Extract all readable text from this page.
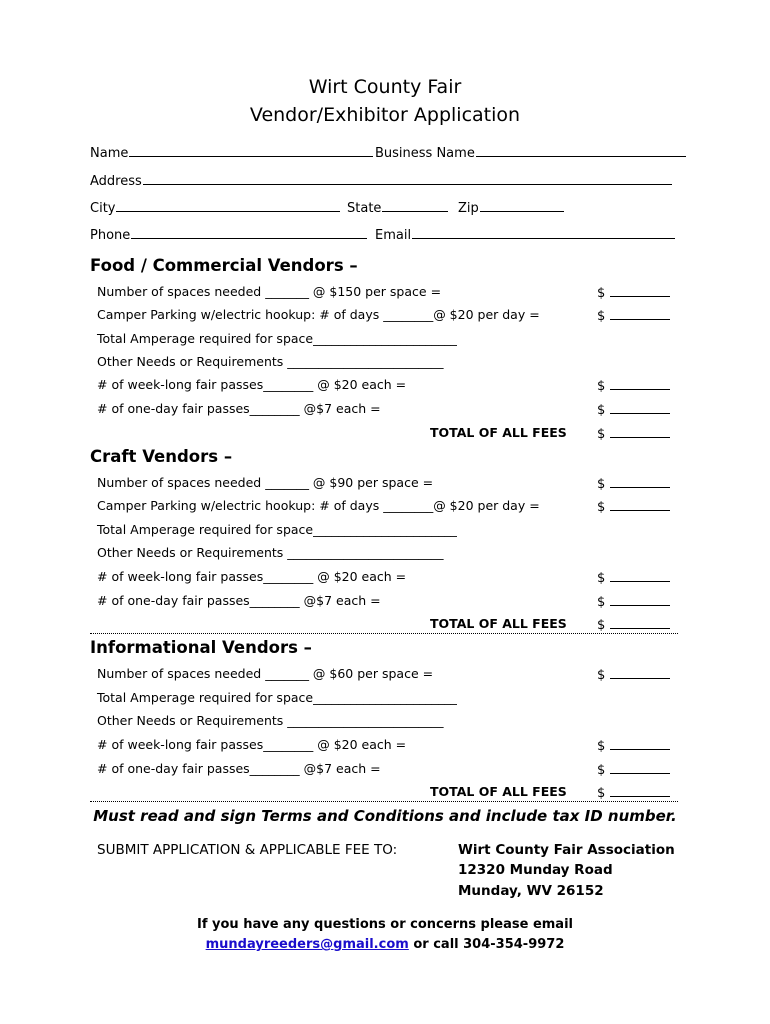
Wirt County Fair
Vendor/Exhibitor Application
Name	Business Name
Address
City	State	Zip
Phone	Email
Food / Commercial Vendors –
Number of spaces needed _______ @ $150 per space =	$
Camper Parking w/electric hookup: # of days ________@ $20 per day =	$
Total Amperage required for space_______________________
Other Needs or Requirements _________________________
# of week-long fair passes________ @ $20 each =	$
# of one-day fair passes________ @$7 each =	$
TOTAL OF ALL FEES $
Craft Vendors –
Number of spaces needed _______ @ $90 per space =	$
Camper Parking w/electric hookup: # of days ________@ $20 per day =	$
Total Amperage required for space_______________________
Other Needs or Requirements _________________________
# of week-long fair passes________ @ $20 each =	$
# of one-day fair passes________ @$7 each =	$
TOTAL OF ALL FEES $
Informational Vendors –
Number of spaces needed _______ @ $60 per space =	$
Total Amperage required for space_______________________
Other Needs or Requirements _________________________
# of week-long fair passes________ @ $20 each =	$
# of one-day fair passes________ @$7 each =	$
TOTAL OF ALL FEES $
Must read and sign Terms and Conditions and include tax ID number.
SUBMIT APPLICATION & APPLICABLE FEE TO:	Wirt County Fair Association
12320 Munday Road
Munday, WV 26152
If you have any questions or concerns please email
mundayreeders@gmail.com or call 304-354-9972
